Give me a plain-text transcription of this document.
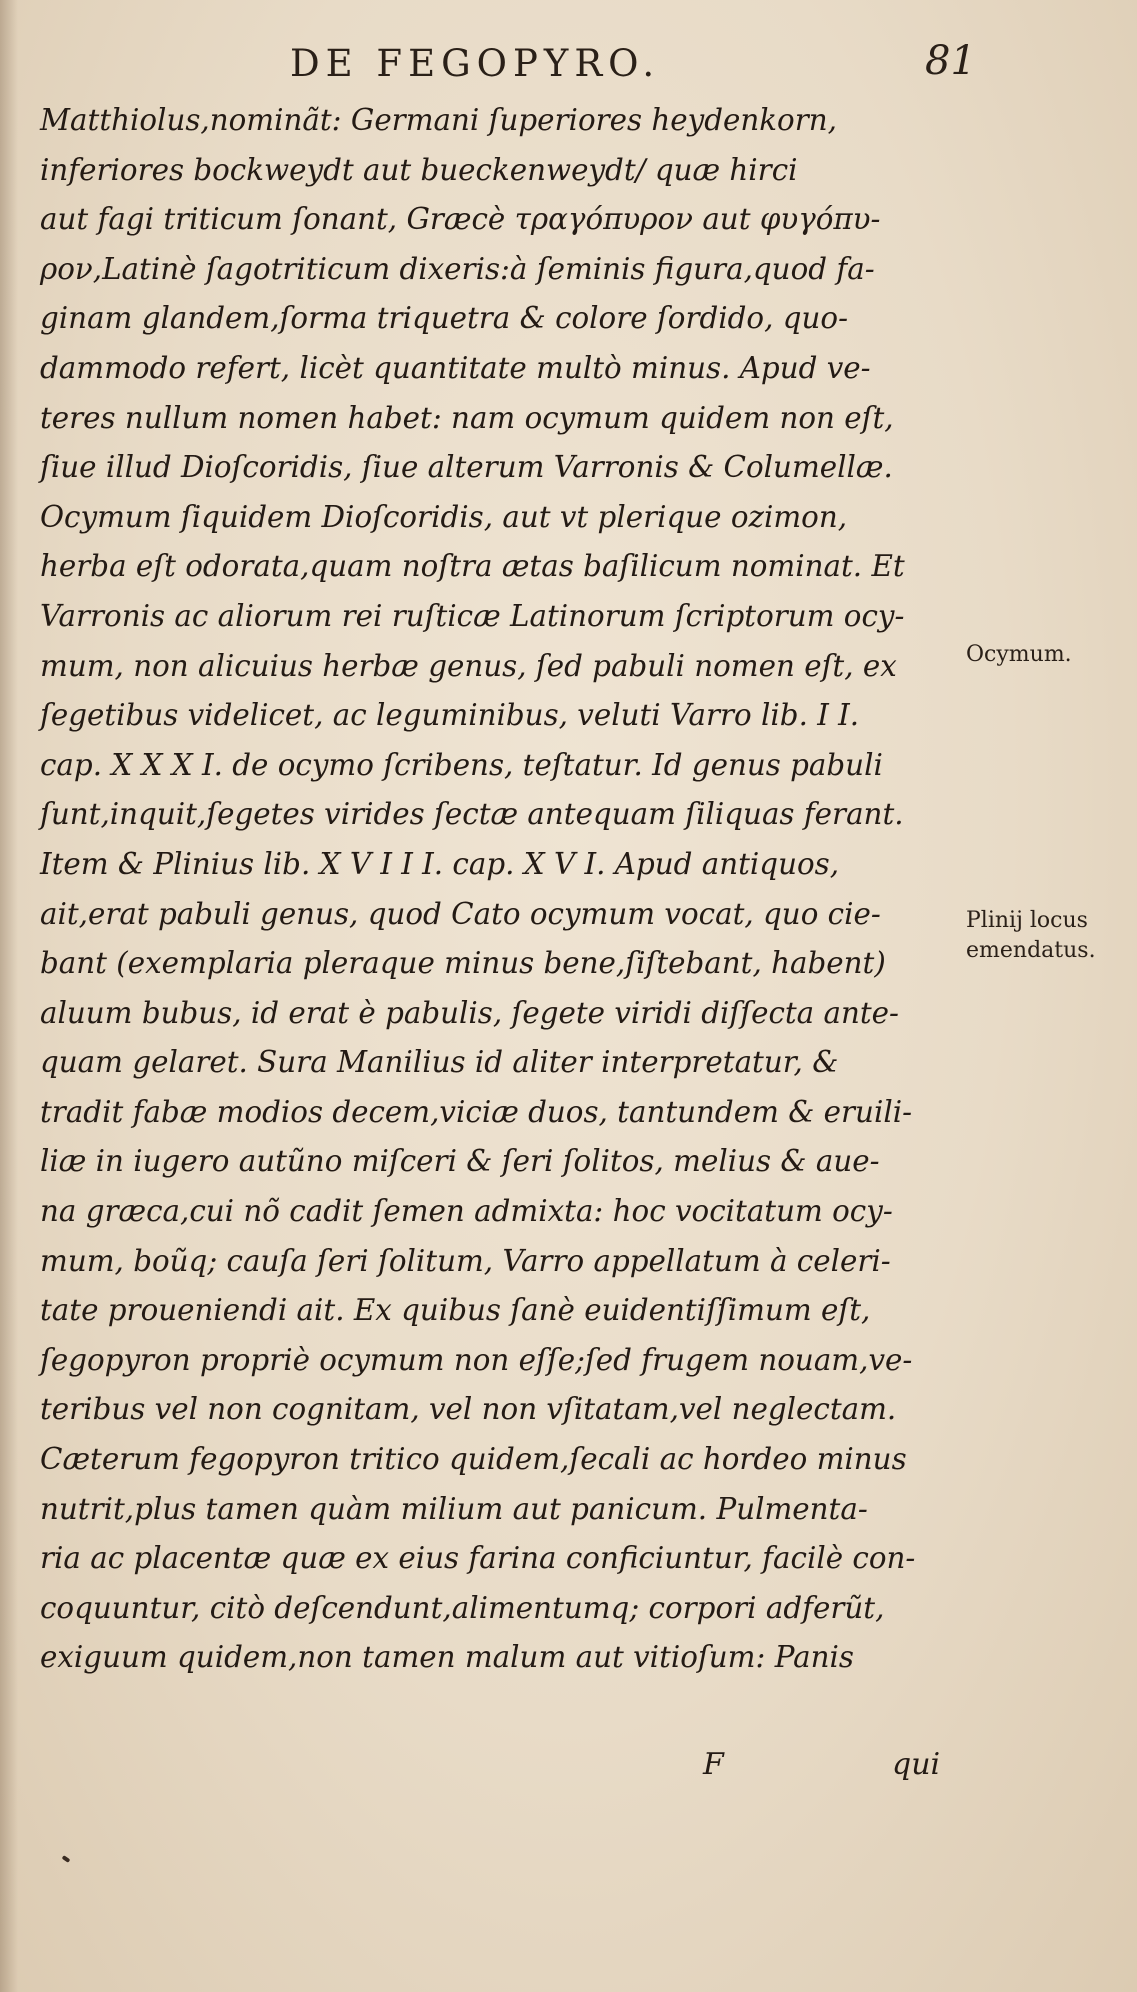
DE FEGOPYRO.	81
Matthiolus,nominãt: Germani ſuperiores heydenkorn,
inferiores bockweydt aut bueckenweydt/ quæ hirci
aut fagi triticum ſonant, Græcè τραγόπυρον aut φυγόπυ-
ρον,Latinè ſagotriticum dixeris:à ſeminis figura,quod fa-
ginam glandem,ſorma triquetra & colore ſordido, quo-
dammodo refert, licèt quantitate multò minus. Apud ve-
teres nullum nomen habet: nam ocymum quidem non eſt,
ſiue illud Dioſcoridis, ſiue alterum Varronis & Columellæ.
Ocymum ſiquidem Dioſcoridis, aut vt plerique ozimon,
herba eſt odorata,quam noſtra ætas baſilicum nominat. Et
Varronis ac aliorum rei ruſticæ Latinorum ſcriptorum ocy-
mum, non alicuius herbæ genus, ſed pabuli nomen eſt, ex
ſegetibus videlicet, ac leguminibus, veluti Varro lib. I I.
cap. X X X I. de ocymo ſcribens, teſtatur. Id genus pabuli
ſunt,inquit,ſegetes virides ſectæ antequam ſiliquas ferant.
Item & Plinius lib. X V I I I. cap. X V I. Apud antiquos,
ait,erat pabuli genus, quod Cato ocymum vocat, quo cie-
bant (exemplaria pleraque minus bene,ſiſtebant, habent)
aluum bubus, id erat è pabulis, ſegete viridi diſſecta ante-
quam gelaret. Sura Manilius id aliter interpretatur, &
tradit fabæ modios decem,viciæ duos, tantundem & eruili-
liæ in iugero autũno miſceri & ſeri ſolitos, melius & aue-
na græca,cui nõ cadit ſemen admixta: hoc vocitatum ocy-
mum, boũq; cauſa ſeri ſolitum, Varro appellatum à celeri-
tate proueniendi ait. Ex quibus ſanè euidentiſſimum eſt,
ſegopyron propriè ocymum non eſſe;ſed frugem nouam,ve-
teribus vel non cognitam, vel non vſitatam,vel neglectam.
Cæterum fegopyron tritico quidem,ſecali ac hordeo minus
nutrit,plus tamen quàm milium aut panicum. Pulmenta-
ria ac placentæ quæ ex eius farina conficiuntur, facilè con-
coquuntur, citò deſcendunt,alimentumq; corpori adferũt,
exiguum quidem,non tamen malum aut vitioſum: Panis
Ocymum.
Plinij locus
emendatus.
F	qui
